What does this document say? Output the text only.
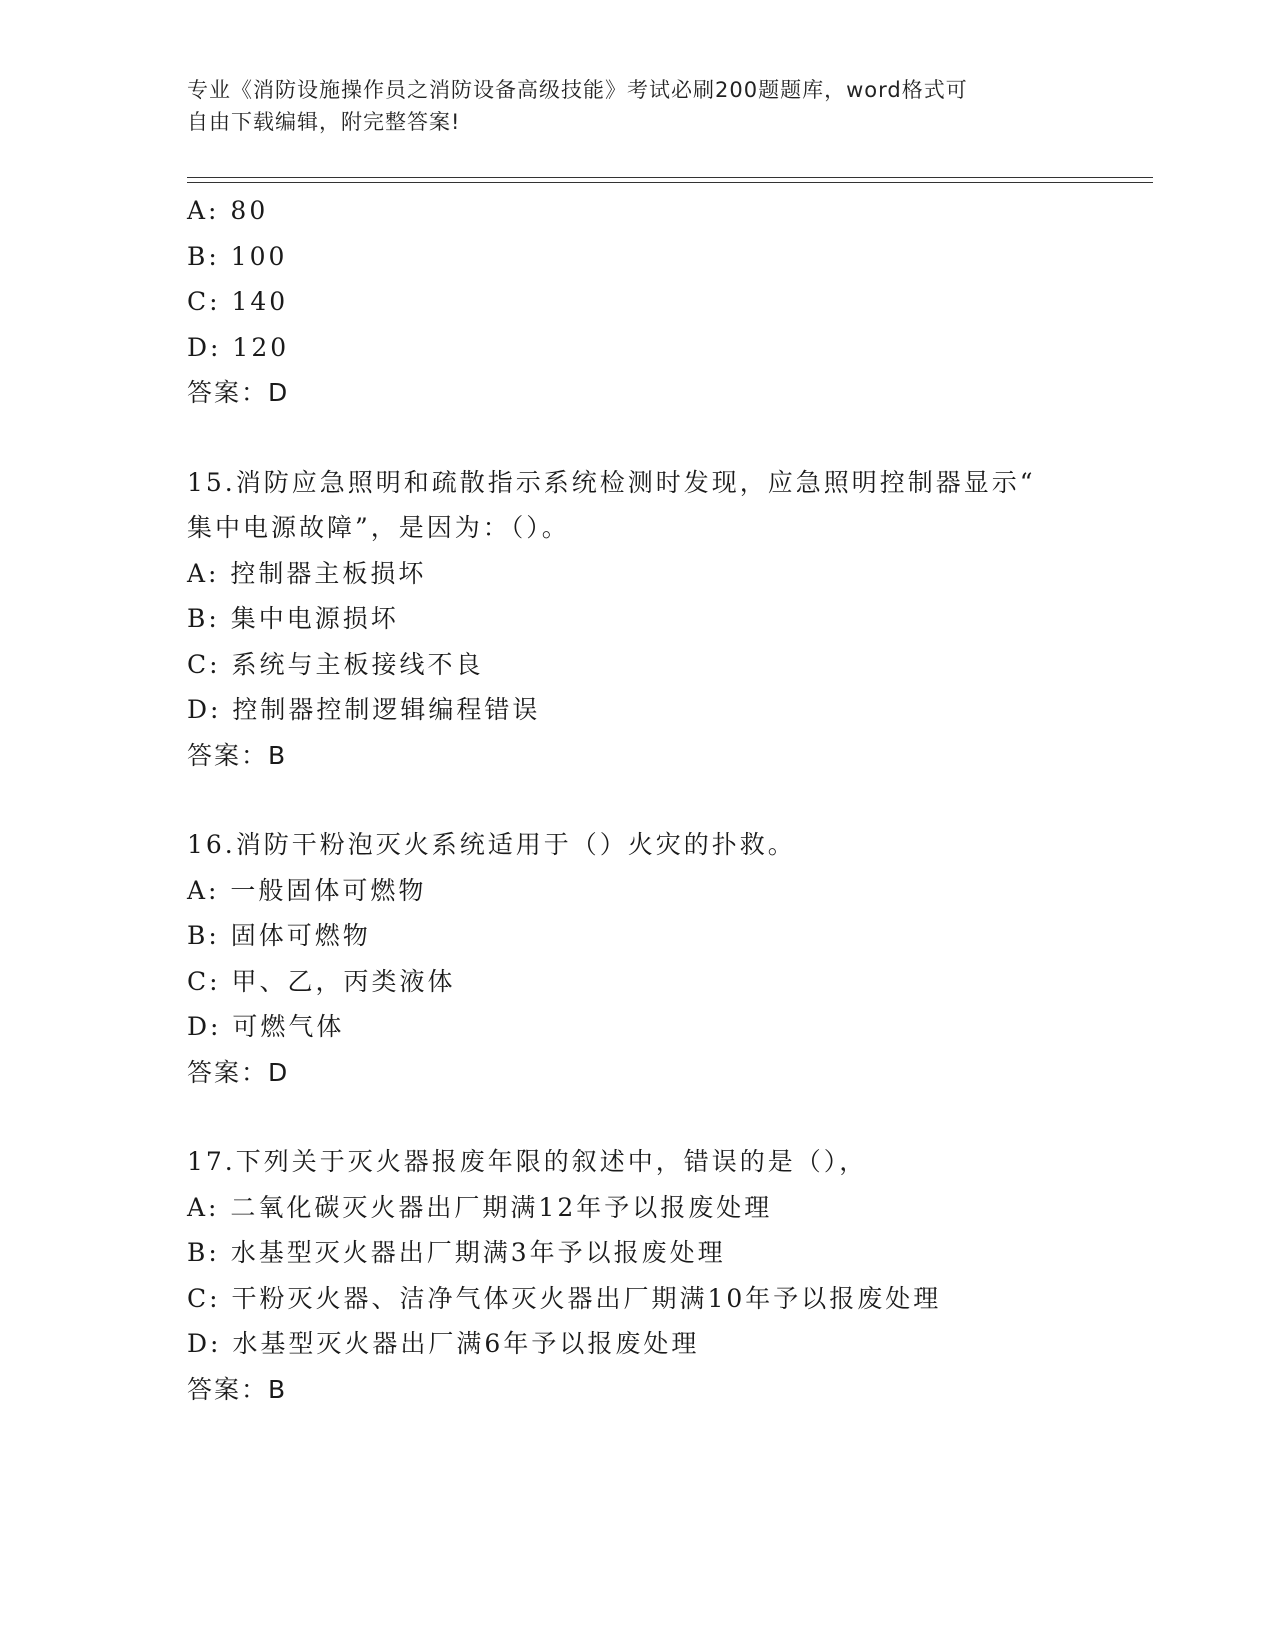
专业《消防设施操作员之消防设备高级技能》考试必刷200题题库，word格式可
自由下载编辑，附完整答案!
A: 80
B: 100
C: 140
D: 120
答案：D
15.消防应急照明和疏散指示系统检测时发现，应急照明控制器显示“
集中电源故障”，是因为：（）。
A: 控制器主板损坏
B: 集中电源损坏
C: 系统与主板接线不良
D: 控制器控制逻辑编程错误
答案：B
16.消防干粉泡灭火系统适用于（）火灾的扑救。
A: 一般固体可燃物
B: 固体可燃物
C: 甲、乙，丙类液体
D: 可燃气体
答案：D
17.下列关于灭火器报废年限的叙述中，错误的是（），
A: 二氧化碳灭火器出厂期满12年予以报废处理
B: 水基型灭火器出厂期满3年予以报废处理
C: 干粉灭火器、洁净气体灭火器出厂期满10年予以报废处理
D: 水基型灭火器出厂满6年予以报废处理
答案：B
